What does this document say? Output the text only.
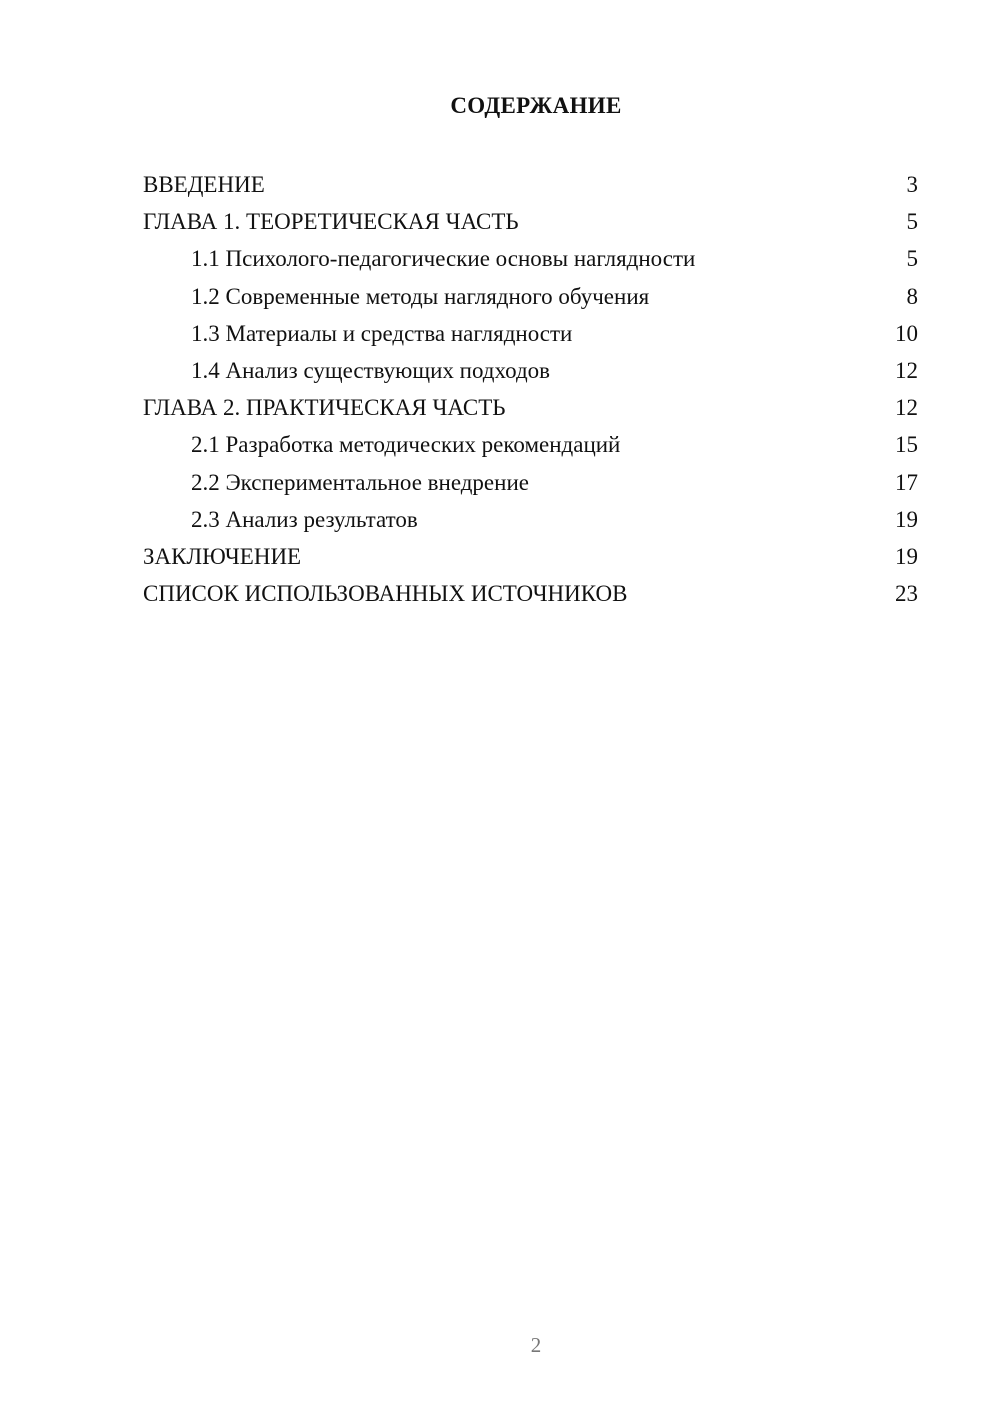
СОДЕРЖАНИЕ
ВВЕДЕНИЕ	3
ГЛАВА 1. ТЕОРЕТИЧЕСКАЯ ЧАСТЬ	5
1.1 Психолого-педагогические основы наглядности	5
1.2 Современные методы наглядного обучения	8
1.3 Материалы и средства наглядности	10
1.4 Анализ существующих подходов	12
ГЛАВА 2. ПРАКТИЧЕСКАЯ ЧАСТЬ	12
2.1 Разработка методических рекомендаций	15
2.2 Экспериментальное внедрение	17
2.3 Анализ результатов	19
ЗАКЛЮЧЕНИЕ	19
СПИСОК ИСПОЛЬЗОВАННЫХ ИСТОЧНИКОВ	23
2
